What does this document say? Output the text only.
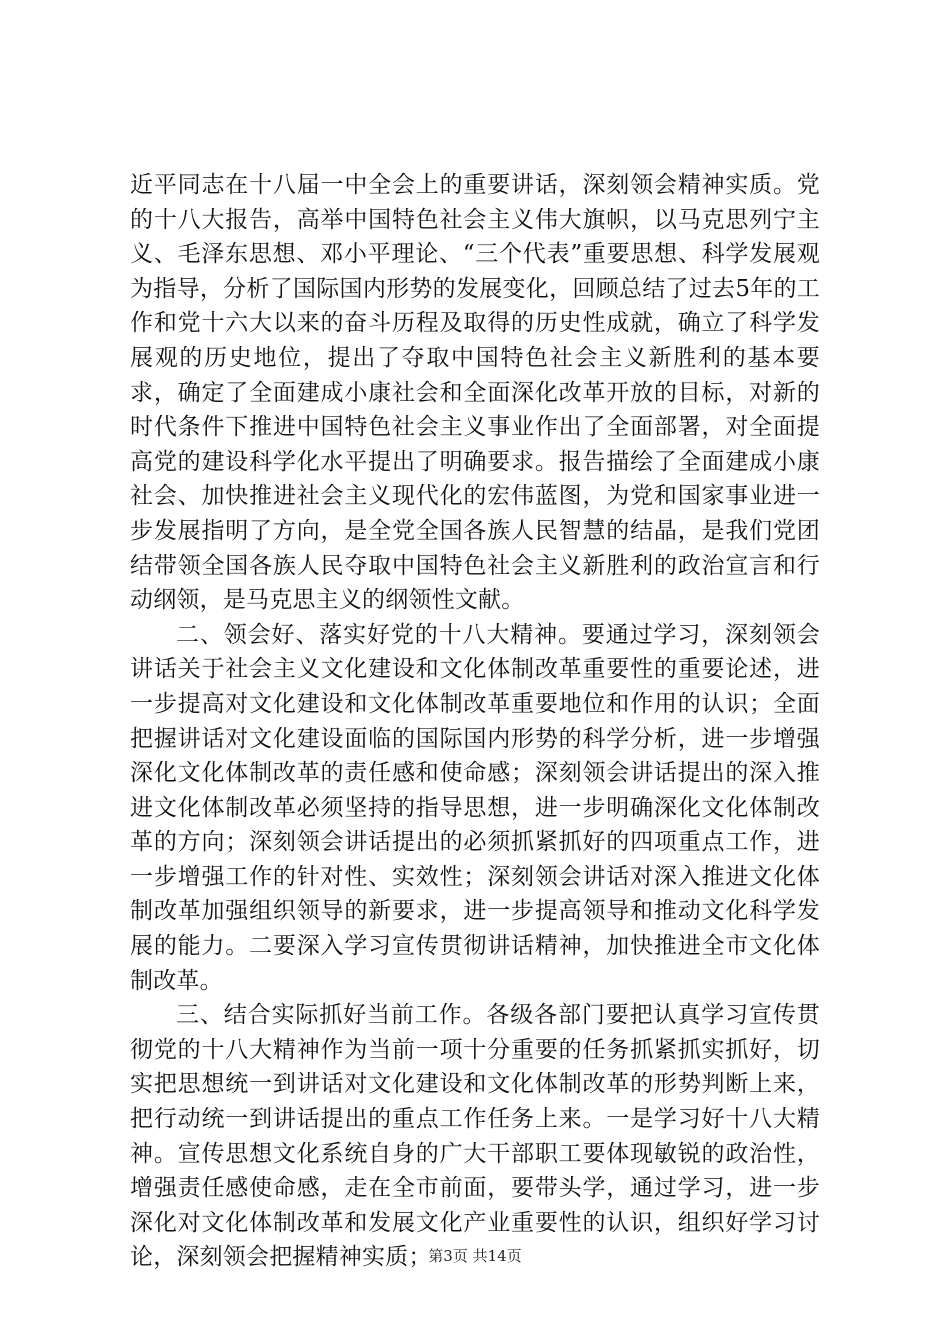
近平同志在十八届一中全会上的重要讲话，深刻领会精神实质。党的十八大报告，高举中国特色社会主义伟大旗帜，以马克思列宁主义、毛泽东思想、邓小平理论、“三个代表”重要思想、科学发展观为指导，分析了国际国内形势的发展变化，回顾总结了过去5年的工作和党十六大以来的奋斗历程及取得的历史性成就，确立了科学发展观的历史地位，提出了夺取中国特色社会主义新胜利的基本要求，确定了全面建成小康社会和全面深化改革开放的目标，对新的时代条件下推进中国特色社会主义事业作出了全面部署，对全面提高党的建设科学化水平提出了明确要求。报告描绘了全面建成小康社会、加快推进社会主义现代化的宏伟蓝图，为党和国家事业进一步发展指明了方向，是全党全国各族人民智慧的结晶，是我们党团结带领全国各族人民夺取中国特色社会主义新胜利的政治宣言和行动纲领，是马克思主义的纲领性文献。

二、领会好、落实好党的十八大精神。要通过学习，深刻领会讲话关于社会主义文化建设和文化体制改革重要性的重要论述，进一步提高对文化建设和文化体制改革重要地位和作用的认识；全面把握讲话对文化建设面临的国际国内形势的科学分析，进一步增强深化文化体制改革的责任感和使命感；深刻领会讲话提出的深入推进文化体制改革必须坚持的指导思想，进一步明确深化文化体制改革的方向；深刻领会讲话提出的必须抓紧抓好的四项重点工作，进一步增强工作的针对性、实效性；深刻领会讲话对深入推进文化体制改革加强组织领导的新要求，进一步提高领导和推动文化科学发展的能力。二要深入学习宣传贯彻讲话精神，加快推进全市文化体制改革。

三、结合实际抓好当前工作。各级各部门要把认真学习宣传贯彻党的十八大精神作为当前一项十分重要的任务抓紧抓实抓好，切实把思想统一到讲话对文化建设和文化体制改革的形势判断上来，把行动统一到讲话提出的重点工作任务上来。一是学习好十八大精神。宣传思想文化系统自身的广大干部职工要体现敏锐的政治性，增强责任感使命感，走在全市前面，要带头学，通过学习，进一步深化对文化体制改革和发展文化产业重要性的认识，组织好学习讨论，深刻领会把握精神实质；

第3页 共14页
